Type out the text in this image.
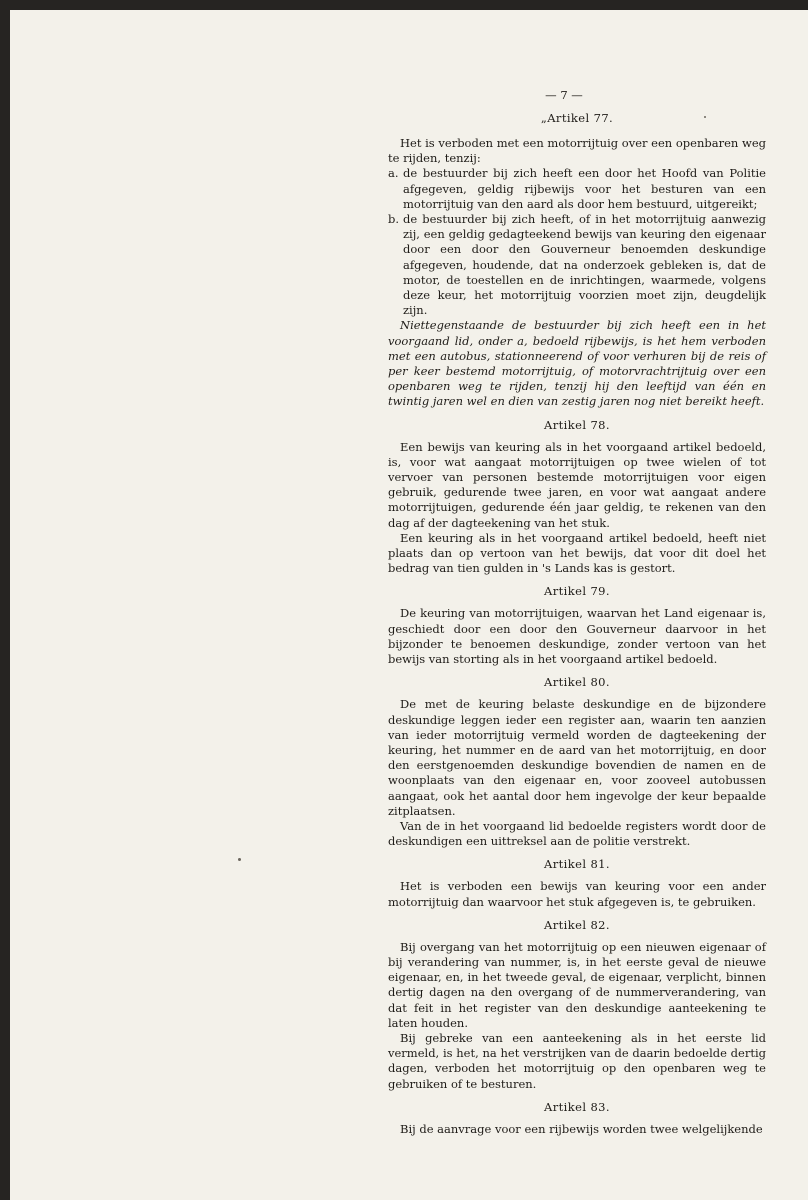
— 7 —
„Artikel 77.

Het is verboden met een motorrijtuig over een openbaren weg te rijden, tenzij:

a. de bestuurder bij zich heeft een door het Hoofd van Politie afgegeven, geldig rijbewijs voor het besturen van een motorrijtuig van den aard als door hem bestuurd, uitgereikt;
b. de bestuurder bij zich heeft, of in het motorrijtuig aanwezig zij, een geldig gedagteekend bewijs van keuring den eigenaar door een door den Gouverneur benoemden deskundige afgegeven, houdende, dat na onderzoek gebleken is, dat de motor, de toestellen en de inrichtingen, waarmede, volgens deze keur, het motorrijtuig voorzien moet zijn, deugdelijk zijn.

Niettegenstaande de bestuurder bij zich heeft een in het voorgaand lid, onder a, bedoeld rijbewijs, is het hem verboden met een autobus, stationneerend of voor verhuren bij de reis of per keer bestemd motorrijtuig, of motorvrachtrijtuig over een openbaren weg te rijden, tenzij hij den leeftijd van één en twintig jaren wel en dien van zestig jaren nog niet bereikt heeft.

Artikel 78.

Een bewijs van keuring als in het voorgaand artikel bedoeld, is, voor wat aangaat motorrijtuigen op twee wielen of tot vervoer van personen bestemde motorrijtuigen voor eigen gebruik, gedurende twee jaren, en voor wat aangaat andere motorrijtuigen, gedurende één jaar geldig, te rekenen van den dag af der dagteekening van het stuk.

Een keuring als in het voorgaand artikel bedoeld, heeft niet plaats dan op vertoon van het bewijs, dat voor dit doel het bedrag van tien gulden in 's Lands kas is gestort.

Artikel 79.

De keuring van motorrijtuigen, waarvan het Land eigenaar is, geschiedt door een door den Gouverneur daarvoor in het bijzonder te benoemen deskundige, zonder vertoon van het bewijs van storting als in het voorgaand artikel bedoeld.

Artikel 80.

De met de keuring belaste deskundige en de bijzondere deskundige leggen ieder een register aan, waarin ten aanzien van ieder motorrijtuig vermeld worden de dagteekening der keuring, het nummer en de aard van het motorrijtuig, en door den eerstgenoemden deskundige bovendien de namen en de woonplaats van den eigenaar en, voor zooveel autobussen aangaat, ook het aantal door hem ingevolge der keur bepaalde zitplaatsen.

Van de in het voorgaand lid bedoelde registers wordt door de deskundigen een uittreksel aan de politie verstrekt.

Artikel 81.

Het is verboden een bewijs van keuring voor een ander motorrijtuig dan waarvoor het stuk afgegeven is, te gebruiken.

Artikel 82.

Bij overgang van het motorrijtuig op een nieuwen eigenaar of bij verandering van nummer, is, in het eerste geval de nieuwe eigenaar, en, in het tweede geval, de eigenaar, verplicht, binnen dertig dagen na den overgang of de nummerverandering, van dat feit in het register van den deskundige aanteekening te laten houden.

Bij gebreke van een aanteekening als in het eerste lid vermeld, is het, na het verstrijken van de daarin bedoelde dertig dagen, verboden het motorrijtuig op den openbaren weg te gebruiken of te besturen.

Artikel 83.

Bij de aanvrage voor een rijbewijs worden twee welgelijkende
